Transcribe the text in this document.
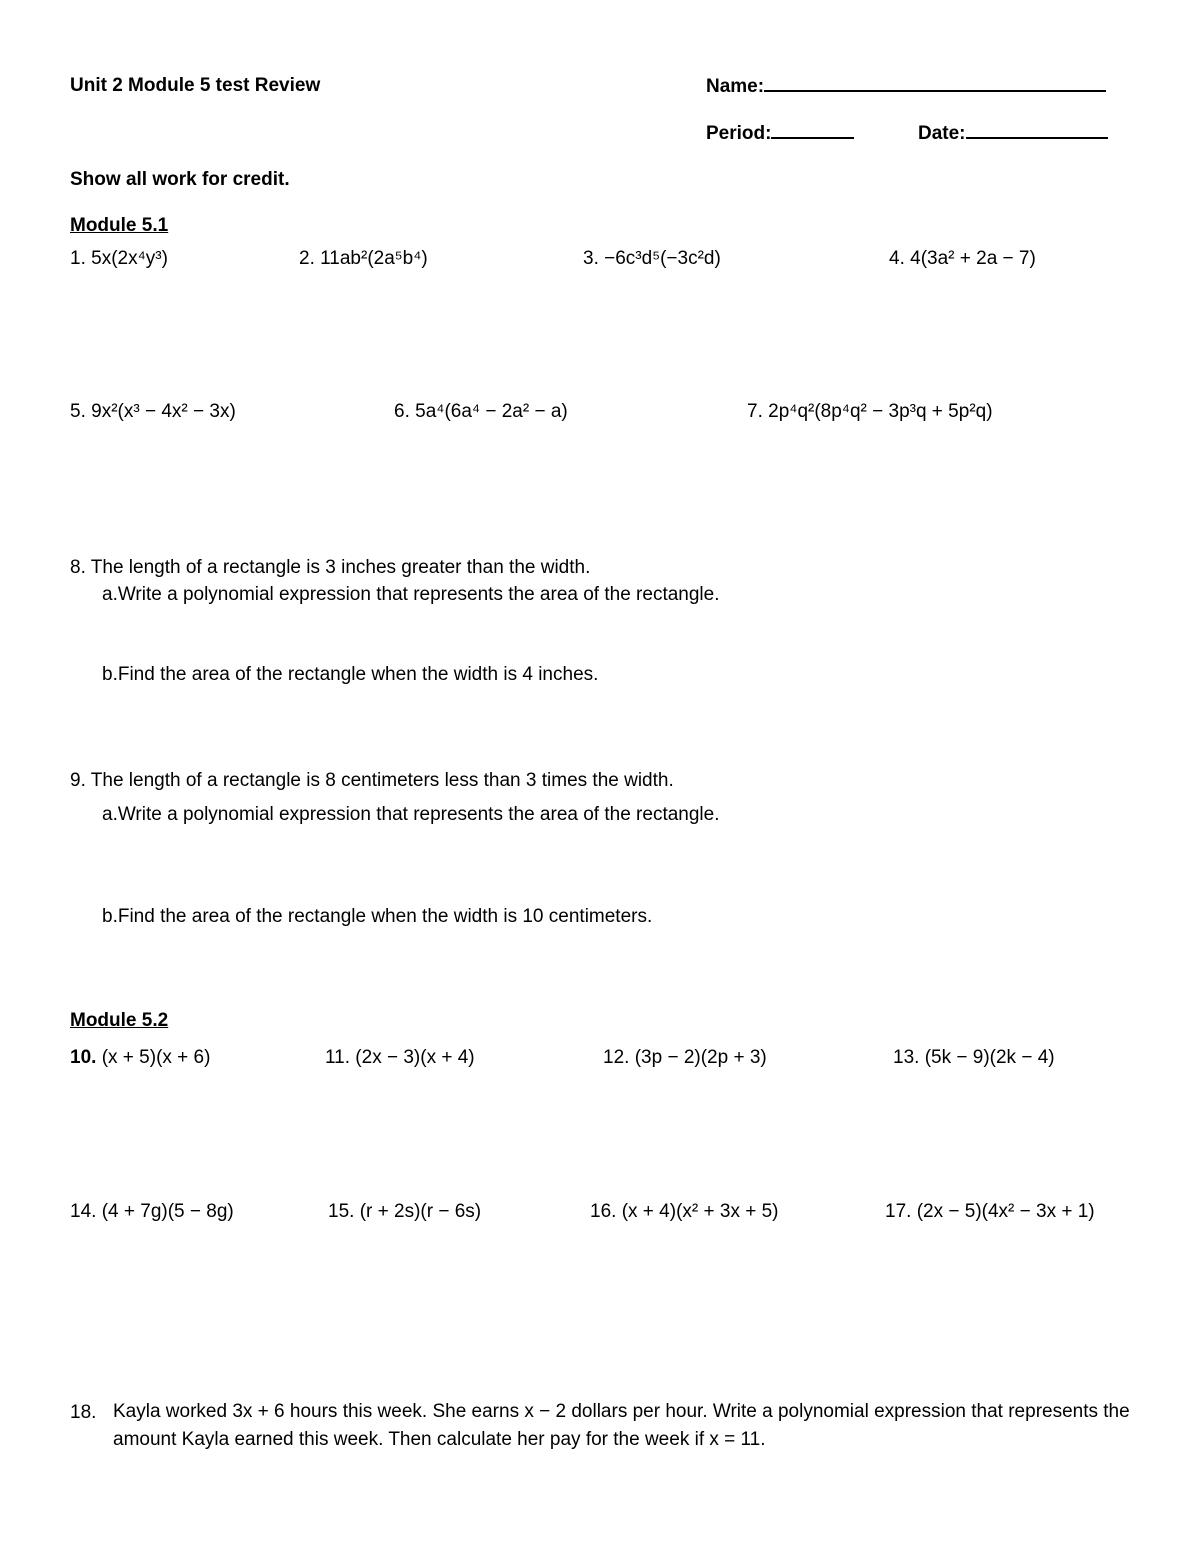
Unit 2 Module 5 test Review	Name:
Period:	Date:
Show all work for credit.
Module 5.1
1. 5x(2x⁴y³)	2. 11ab²(2a⁵b⁴)	3. −6c³d⁵(−3c²d)	4. 4(3a² + 2a − 7)
5. 9x²(x³ − 4x² − 3x)	6. 5a⁴(6a⁴ − 2a² − a)	7. 2p⁴q²(8p⁴q² − 3p³q + 5p²q)
8. The length of a rectangle is 3 inches greater than the width.
a.Write a polynomial expression that represents the area of the rectangle.
b.Find the area of the rectangle when the width is 4 inches.
9. The length of a rectangle is 8 centimeters less than 3 times the width.
a.Write a polynomial expression that represents the area of the rectangle.
b.Find the area of the rectangle when the width is 10 centimeters.
Module 5.2
10. (x + 5)(x + 6)	11. (2x − 3)(x + 4)	12. (3p − 2)(2p + 3)	13. (5k − 9)(2k − 4)
14. (4 + 7g)(5 − 8g)	15. (r + 2s)(r − 6s)	16. (x + 4)(x² + 3x + 5)	17. (2x − 5)(4x² − 3x + 1)
18. Kayla worked 3x + 6 hours this week. She earns x − 2 dollars per hour. Write a polynomial expression that represents the amount Kayla earned this week. Then calculate her pay for the week if x = 11.
